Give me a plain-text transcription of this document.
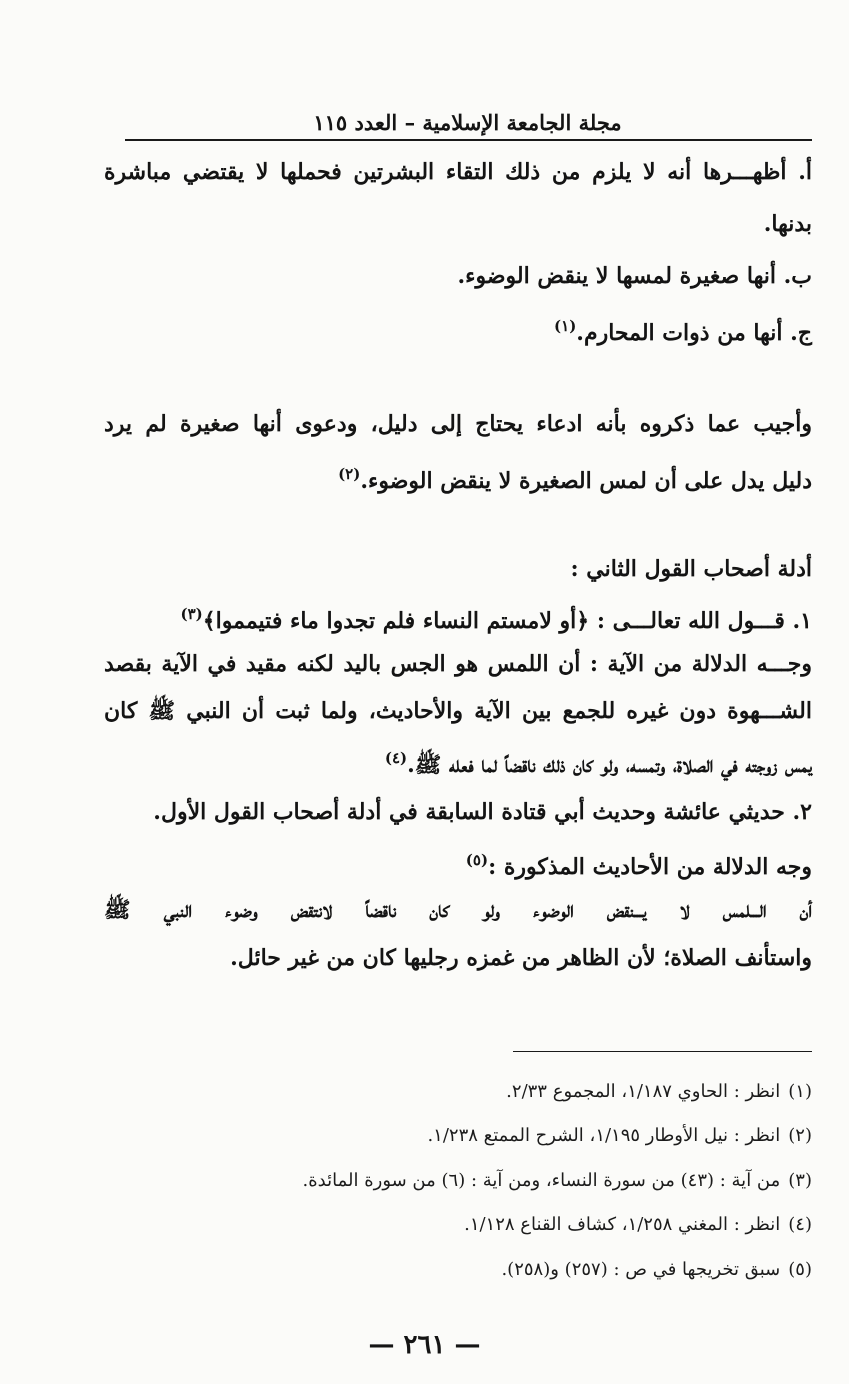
مجلة الجامعة الإسلامية – العدد ١١٥
أ. أظهـــرها أنه لا يلزم من ذلك التقاء البشرتين فحملها لا يقتضي مباشرة
بدنها.
ب. أنها صغيرة لمسها لا ينقض الوضوء.
ج. أنها من ذوات المحارم.$^{(١)}$
وأجيب عما ذكروه بأنه ادعاء يحتاج إلى دليل، ودعوى أنها صغيرة لم يرد
دليل يدل على أن لمس الصغيرة لا ينقض الوضوء.$^{(٢)}$
أدلة أصحاب القول الثاني :
١. قـــول الله تعالـــى : ﴿أو لامستم النساء فلم تجدوا ماء فتيمموا﴾$^{(٣)}$
وجـــه الدلالة من الآية : أن اللمس هو الجس باليد لكنه مقيد في الآية بقصد
الشـــهوة دون غيره للجمع بين الآية والأحاديث، ولما ثبت أن النبي ﷺ كان
يمس زوجته في الصلاة، وتمسه، ولو كان ذلك ناقضاً لما فعله ﷺ.$^{(٤)}$
٢. حديثي عائشة وحديث أبي قتادة السابقة في أدلة أصحاب القول الأول.
وجه الدلالة من الأحاديث المذكورة :$^{(٥)}$
أن الـــلمس لا يـــنقض الوضوء ولو كان ناقضاً لانتقض وضوء النبي ﷺ
واستأنف الصلاة؛ لأن الظاهر من غمزه رجليها كان من غير حائل.
(١)انظر : الحاوي ١/١٨٧، المجموع ٢/٣٣.
(٢)انظر : نيل الأوطار ١/١٩٥، الشرح الممتع ١/٢٣٨.
(٣)من آية : (٤٣) من سورة النساء، ومن آية : (٦) من سورة المائدة.
(٤)انظر : المغني ١/٢٥٨، كشاف القناع ١/١٢٨.
(٥)سبق تخريجها في ص : (٢٥٧) و(٢٥٨).
— ٢٦١ —
